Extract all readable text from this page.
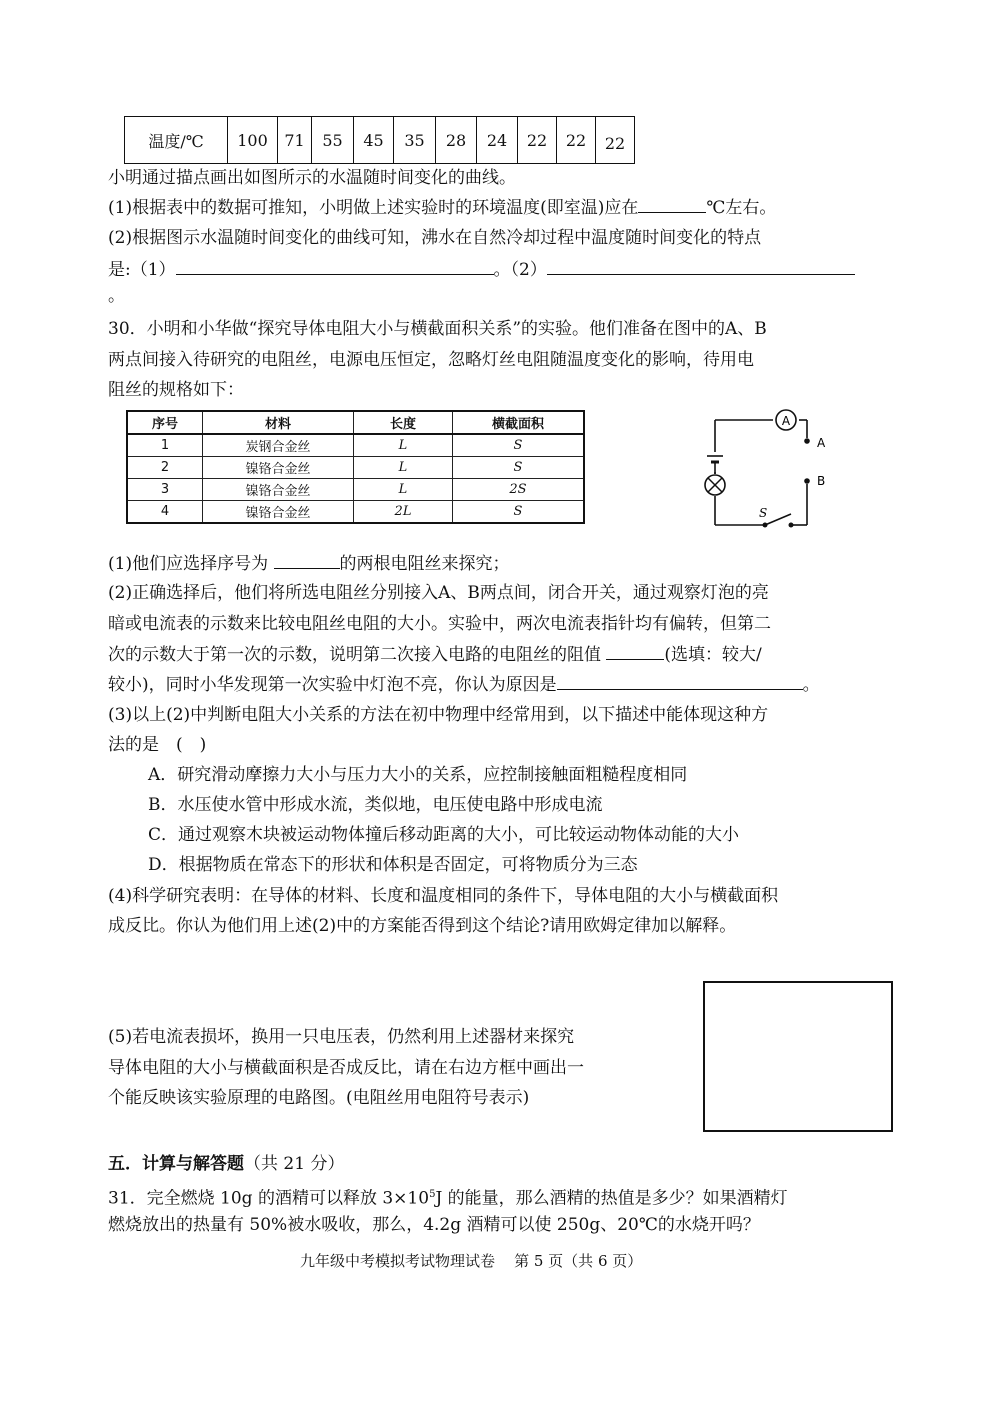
温度/℃	100	71	55	45	35	28	24	22	22	22
小明通过描点画出如图所示的水温随时间变化的曲线。
(1)根据表中的数据可推知，小明做上述实验时的环境温度(即室温)应在	℃左右。
(2)根据图示水温随时间变化的曲线可知，沸水在自然冷却过程中温度随时间变化的特点
是:（1）	。（2）
。
30．小明和小华做“探究导体电阻大小与横截面积关系”的实验。他们准备在图中的A、B
两点间接入待研究的电阻丝，电源电压恒定，忽略灯丝电阻随温度变化的影响，待用电
阻丝的规格如下：
序号	材料	长度	横截面积
1	炭钢合金丝	L	S
2	镍铬合金丝	L	S
3	镍铬合金丝	L	2S
4	镍铬合金丝	2L	S
A
S
A
B
(1)他们应选择序号为	的两根电阻丝来探究；
(2)正确选择后，他们将所选电阻丝分别接入A、B两点间，闭合开关，通过观察灯泡的亮
暗或电流表的示数来比较电阻丝电阻的大小。实验中，两次电流表指针均有偏转，但第二
次的示数大于第一次的示数，说明第二次接入电路的电阻丝的阻值	(选填：较大/
较小)，同时小华发现第一次实验中灯泡不亮，你认为原因是	。
(3)以上(2)中判断电阻大小关系的方法在初中物理中经常用到，以下描述中能体现这种方
法的是　(　)
A．研究滑动摩擦力大小与压力大小的关系，应控制接触面粗糙程度相同
B．水压使水管中形成水流，类似地，电压使电路中形成电流
C．通过观察木块被运动物体撞后移动距离的大小，可比较运动物体动能的大小
D．根据物质在常态下的形状和体积是否固定，可将物质分为三态
(4)科学研究表明：在导体的材料、长度和温度相同的条件下，导体电阻的大小与横截面积
成反比。你认为他们用上述(2)中的方案能否得到这个结论?请用欧姆定律加以解释。
(5)若电流表损坏，换用一只电压表，仍然利用上述器材来探究
导体电阻的大小与横截面积是否成反比，请在右边方框中画出一
个能反映该实验原理的电路图。(电阻丝用电阻符号表示)
五．计算与解答题（共 21 分）
31．完全燃烧 10g 的酒精可以释放 $3\times 10^5J$ 的能量，那么酒精的热值是多少？如果酒精灯
燃烧放出的热量有 50%被水吸收，那么，4.2g 酒精可以使 250g、20℃的水烧开吗？
九年级中考模拟考试物理试卷 第 5 页（共 6 页）
